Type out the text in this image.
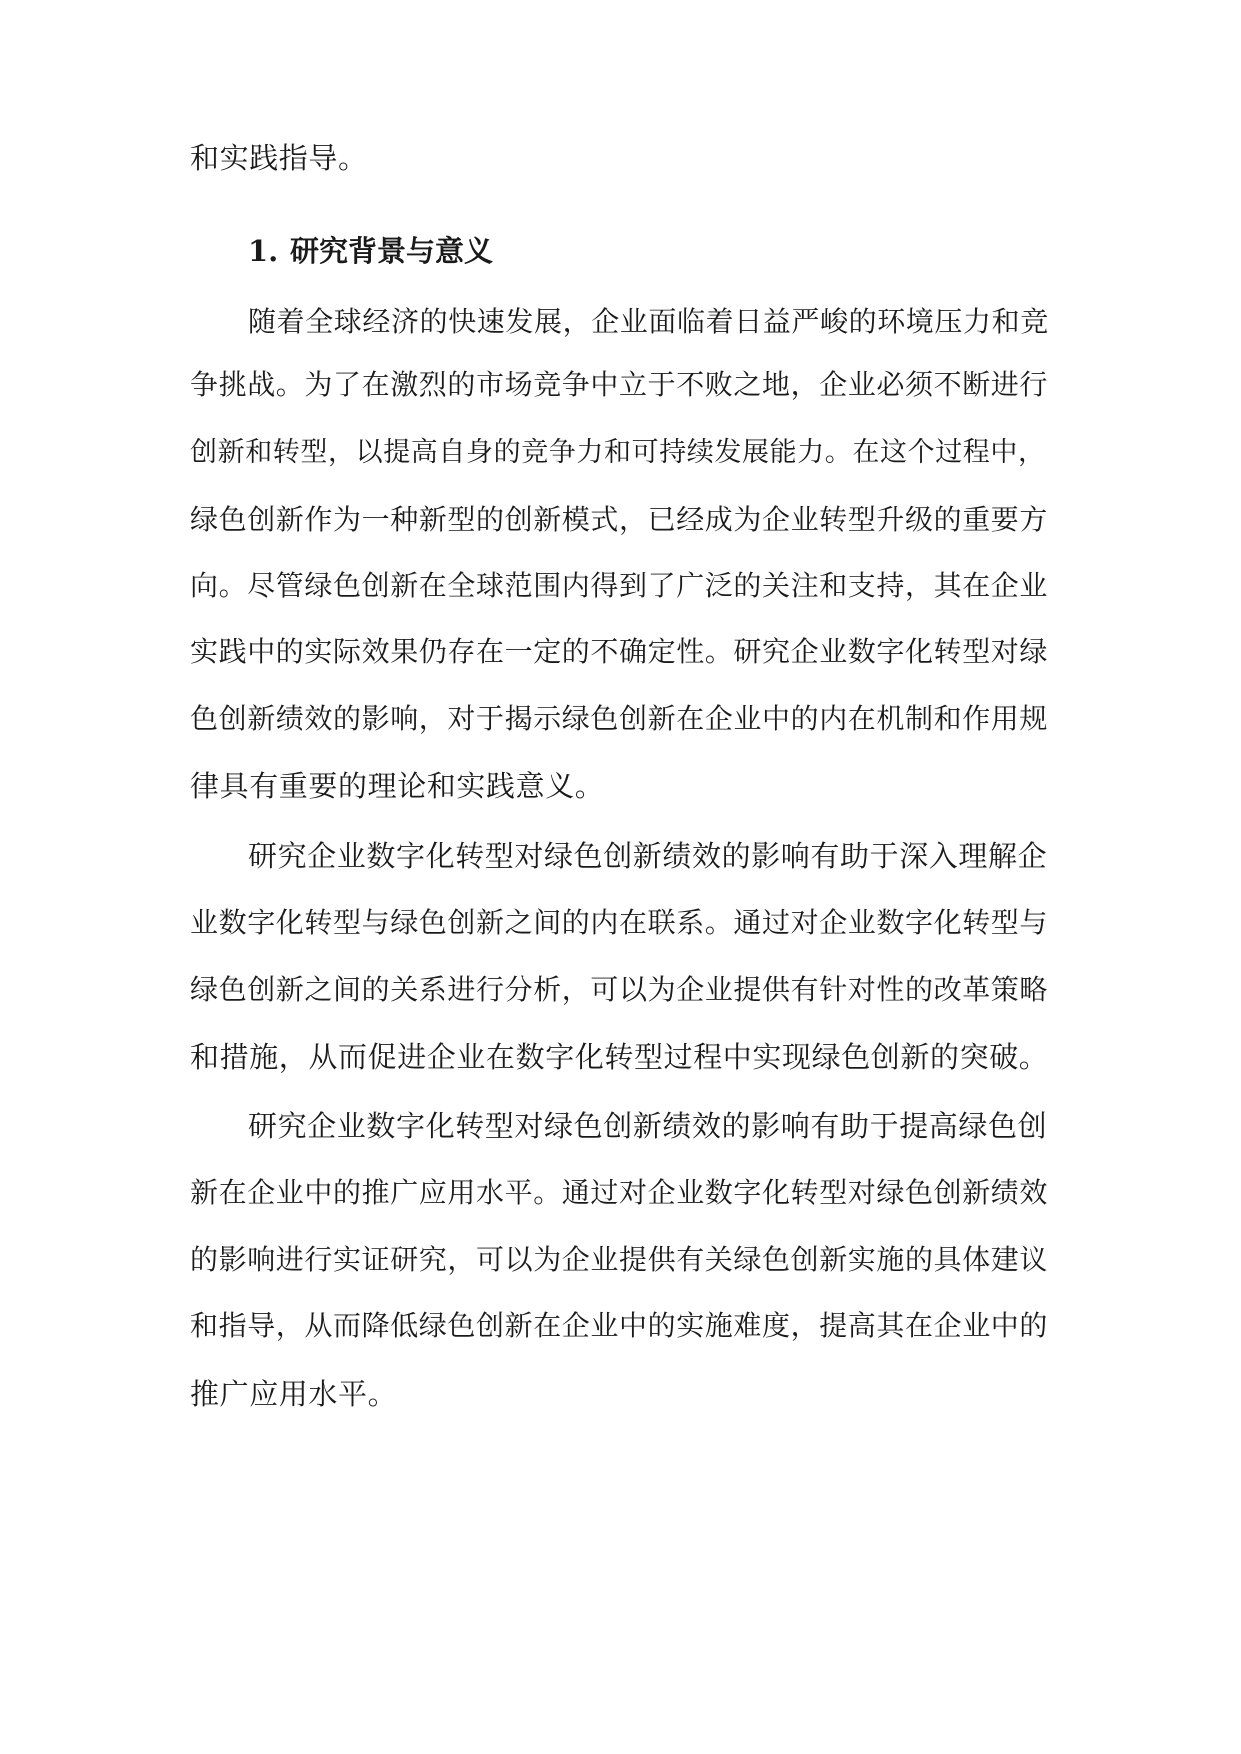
和实践指导。
1. 研究背景与意义
随着全球经济的快速发展，企业面临着日益严峻的环境压力和竞
争挑战。为了在激烈的市场竞争中立于不败之地，企业必须不断进行
创新和转型，以提高自身的竞争力和可持续发展能力。在这个过程中，
绿色创新作为一种新型的创新模式，已经成为企业转型升级的重要方
向。尽管绿色创新在全球范围内得到了广泛的关注和支持，其在企业
实践中的实际效果仍存在一定的不确定性。研究企业数字化转型对绿
色创新绩效的影响，对于揭示绿色创新在企业中的内在机制和作用规
律具有重要的理论和实践意义。
研究企业数字化转型对绿色创新绩效的影响有助于深入理解企
业数字化转型与绿色创新之间的内在联系。通过对企业数字化转型与
绿色创新之间的关系进行分析，可以为企业提供有针对性的改革策略
和措施，从而促进企业在数字化转型过程中实现绿色创新的突破。
研究企业数字化转型对绿色创新绩效的影响有助于提高绿色创
新在企业中的推广应用水平。通过对企业数字化转型对绿色创新绩效
的影响进行实证研究，可以为企业提供有关绿色创新实施的具体建议
和指导，从而降低绿色创新在企业中的实施难度，提高其在企业中的
推广应用水平。
